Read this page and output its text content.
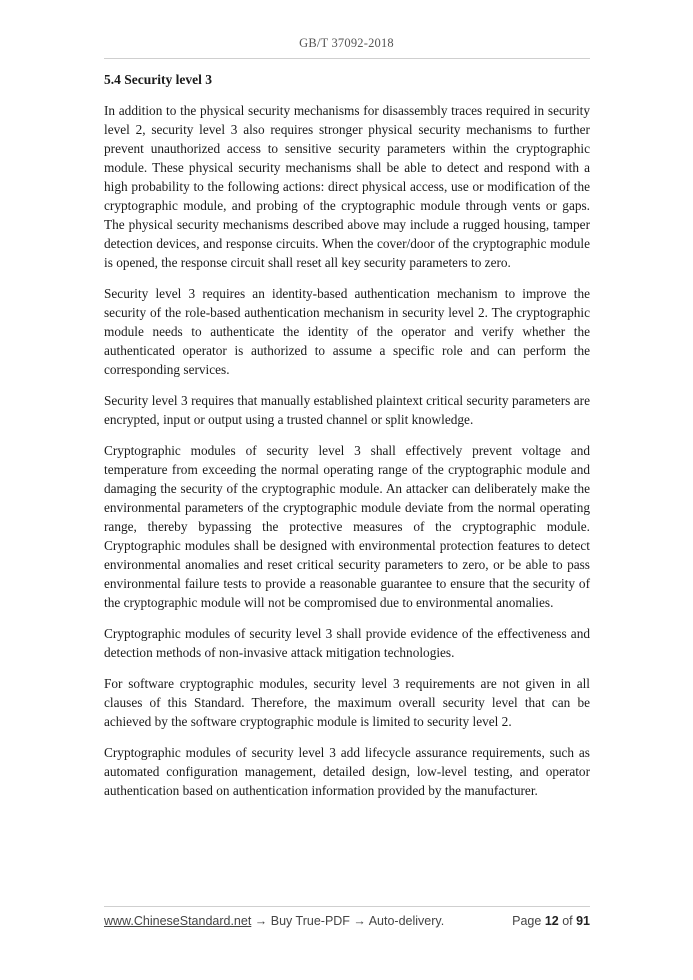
GB/T 37092-2018
5.4 Security level 3

In addition to the physical security mechanisms for disassembly traces required in security level 2, security level 3 also requires stronger physical security mechanisms to further prevent unauthorized access to sensitive security parameters within the cryptographic module. These physical security mechanisms shall be able to detect and respond with a high probability to the following actions: direct physical access, use or modification of the cryptographic module, and probing of the cryptographic module through vents or gaps. The physical security mechanisms described above may include a rugged housing, tamper detection devices, and response circuits. When the cover/door of the cryptographic module is opened, the response circuit shall reset all key security parameters to zero.

Security level 3 requires an identity-based authentication mechanism to improve the security of the role-based authentication mechanism in security level 2. The cryptographic module needs to authenticate the identity of the operator and verify whether the authenticated operator is authorized to assume a specific role and can perform the corresponding services.

Security level 3 requires that manually established plaintext critical security parameters are encrypted, input or output using a trusted channel or split knowledge.

Cryptographic modules of security level 3 shall effectively prevent voltage and temperature from exceeding the normal operating range of the cryptographic module and damaging the security of the cryptographic module. An attacker can deliberately make the environmental parameters of the cryptographic module deviate from the normal operating range, thereby bypassing the protective measures of the cryptographic module. Cryptographic modules shall be designed with environmental protection features to detect environmental anomalies and reset critical security parameters to zero, or be able to pass environmental failure tests to provide a reasonable guarantee to ensure that the security of the cryptographic module will not be compromised due to environmental anomalies.

Cryptographic modules of security level 3 shall provide evidence of the effectiveness and detection methods of non-invasive attack mitigation technologies.

For software cryptographic modules, security level 3 requirements are not given in all clauses of this Standard. Therefore, the maximum overall security level that can be achieved by the software cryptographic module is limited to security level 2.

Cryptographic modules of security level 3 add lifecycle assurance requirements, such as automated configuration management, detailed design, low-level testing, and operator authentication based on authentication information provided by the manufacturer.

www.ChineseStandard.net → Buy True-PDF → Auto-delivery.	Page 12 of 91
